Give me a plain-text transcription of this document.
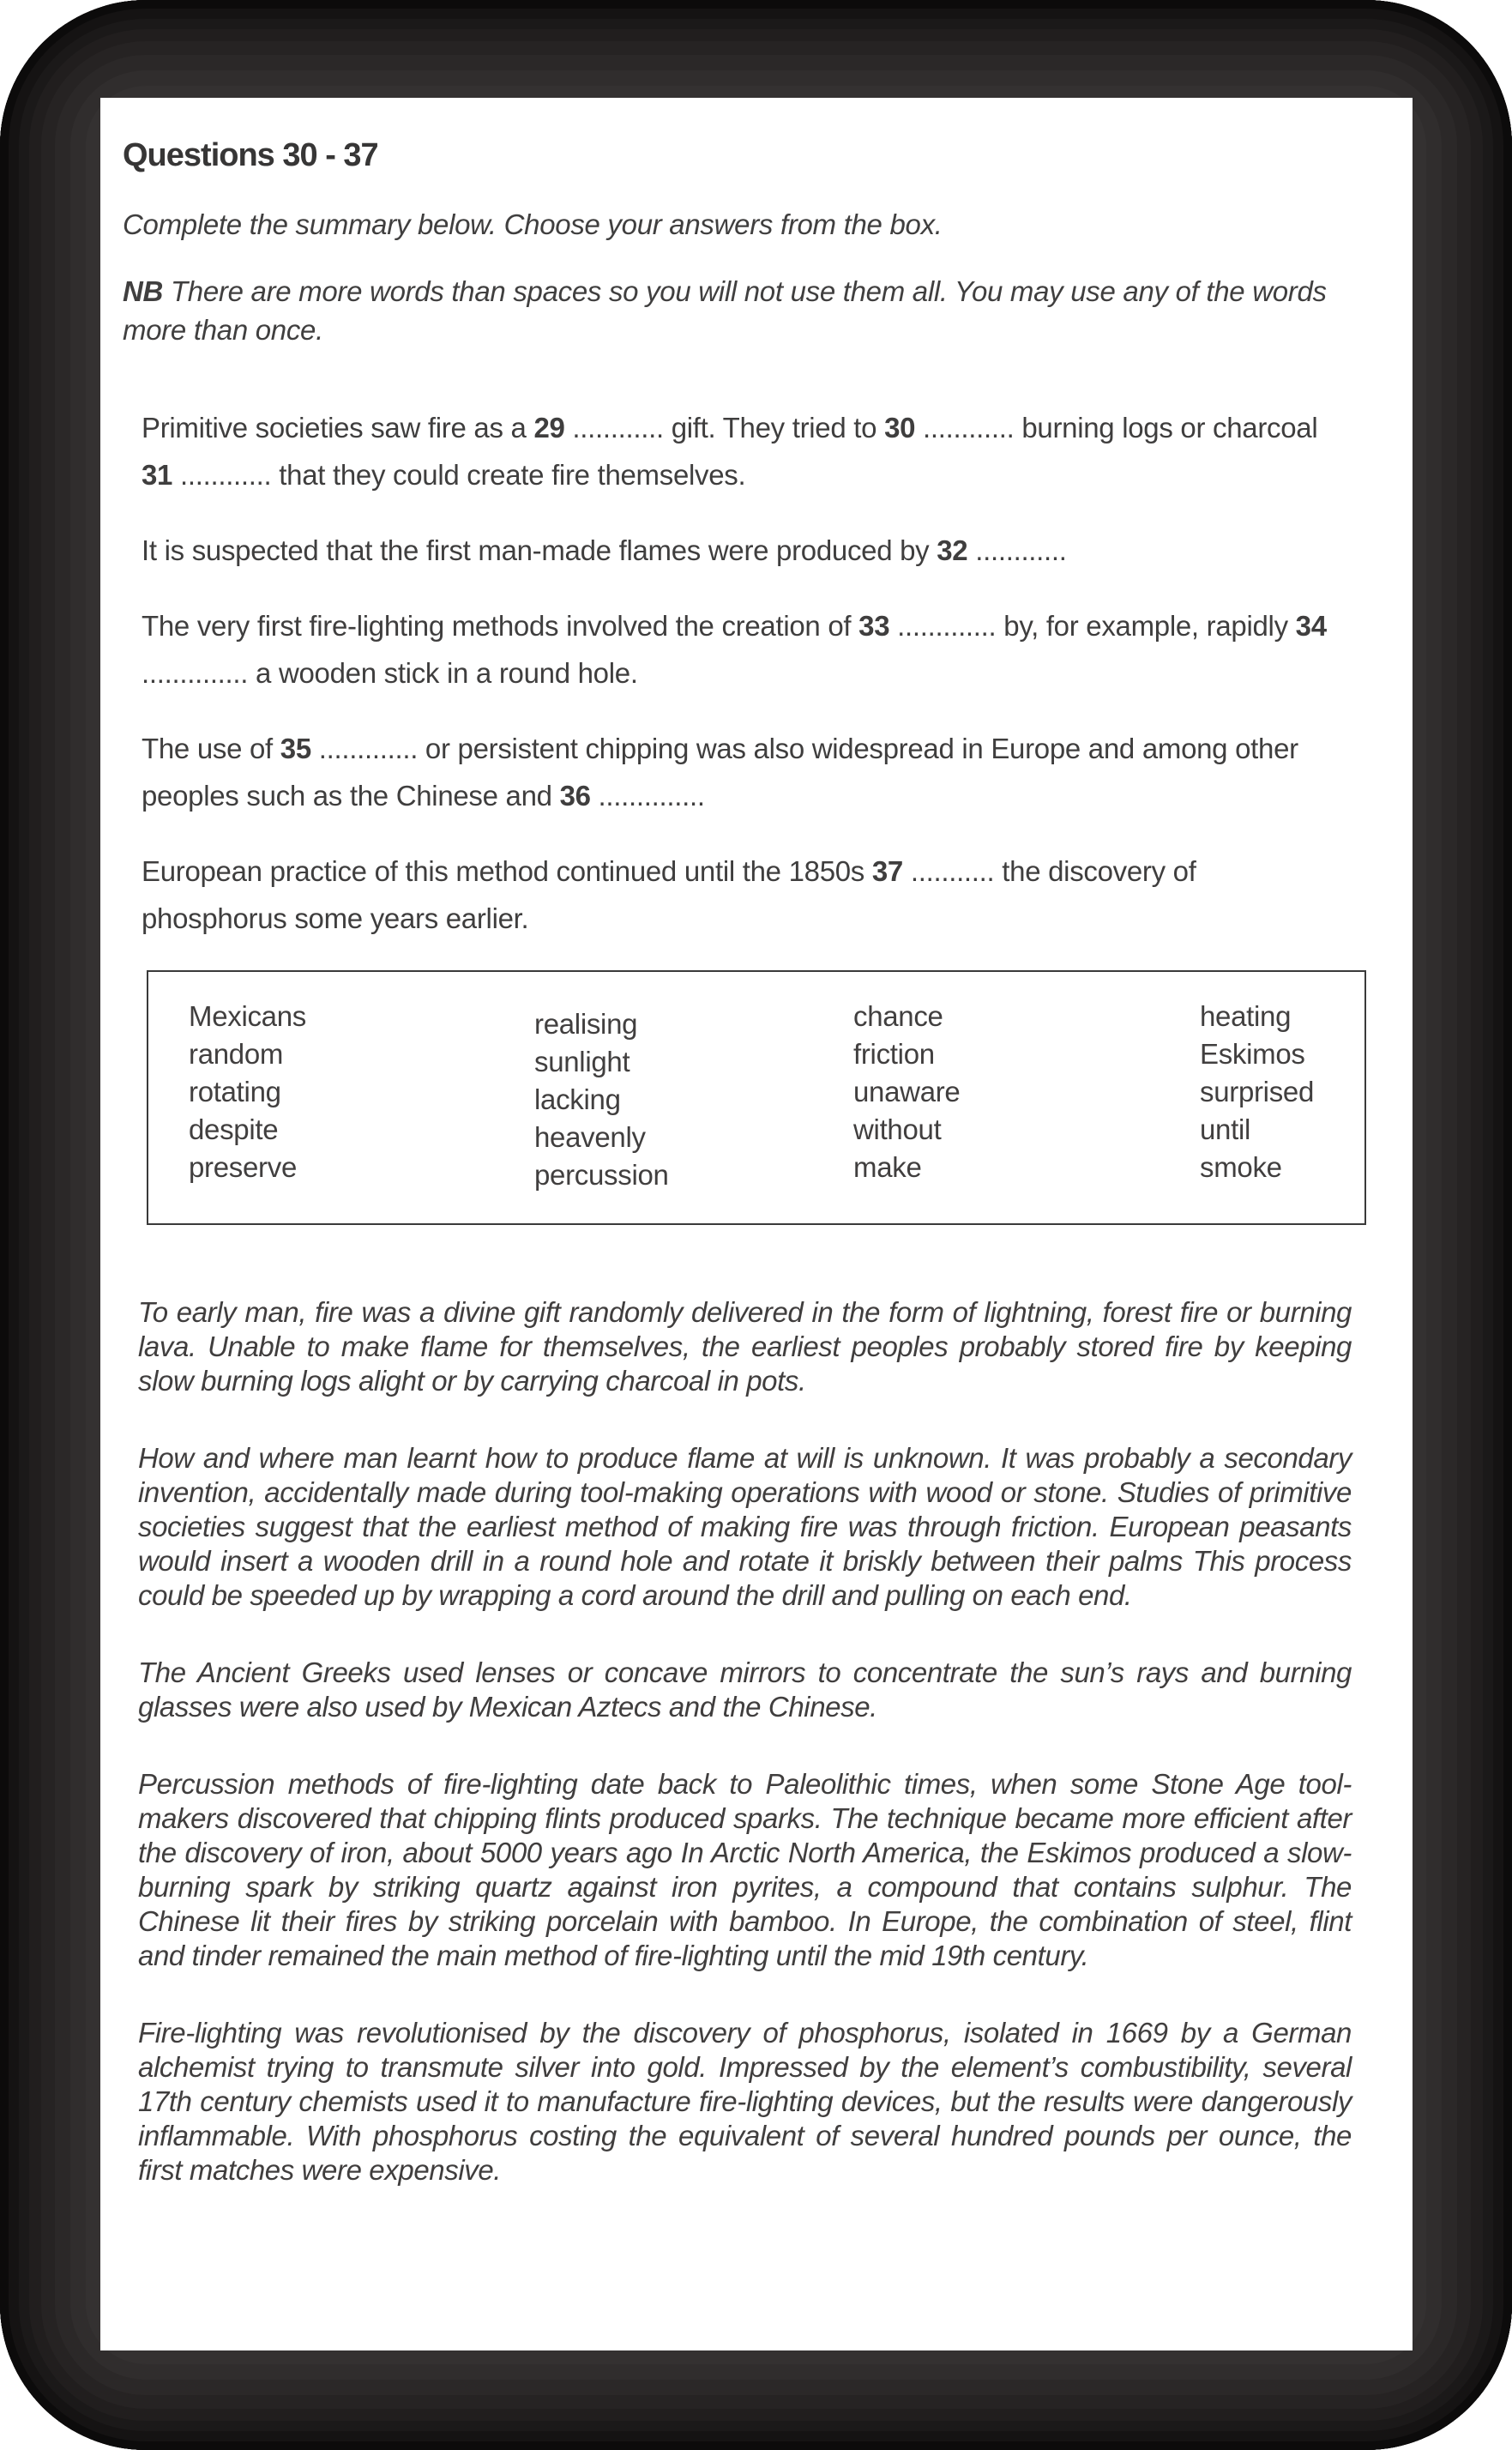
Questions 30 - 37

Complete the summary below. Choose your answers from the box.

NB There are more words than spaces so you will not use them all. You may use any of the words more than once.

Primitive societies saw fire as a 29 ............ gift. They tried to 30 ............ burning logs or charcoal 31 ............ that they could create fire themselves.

It is suspected that the first man-made flames were produced by 32 ............

The very first fire-lighting methods involved the creation of 33 ............. by, for example, rapidly 34 .............. a wooden stick in a round hole.

The use of 35 ............. or persistent chipping was also widespread in Europe and among other peoples such as the Chinese and 36 ..............

European practice of this method continued until the 1850s 37 ........... the discovery of phosphorus some years earlier.

Mexicans
random
rotating
despite
preserve
realising
sunlight
lacking
heavenly
percussion
chance
friction
unaware
without
make
heating
Eskimos
surprised
until
smoke

To early man, fire was a divine gift randomly delivered in the form of lightning, forest fire or burning lava. Unable to make flame for themselves, the earliest peoples probably stored fire by keeping slow burning logs alight or by carrying charcoal in pots.

How and where man learnt how to produce flame at will is unknown. It was probably a secondary invention, accidentally made during tool-making operations with wood or stone. Studies of primitive societies suggest that the earliest method of making fire was through friction. European peasants would insert a wooden drill in a round hole and rotate it briskly between their palms This process could be speeded up by wrapping a cord around the drill and pulling on each end.

The Ancient Greeks used lenses or concave mirrors to concentrate the sun’s rays and burning glasses were also used by Mexican Aztecs and the Chinese.

Percussion methods of fire-lighting date back to Paleolithic times, when some Stone Age tool-makers discovered that chipping flints produced sparks. The technique became more efficient after the discovery of iron, about 5000 years ago In Arctic North America, the Eskimos produced a slow-burning spark by striking quartz against iron pyrites, a compound that contains sulphur. The Chinese lit their fires by striking porcelain with bamboo. In Europe, the combination of steel, flint and tinder remained the main method of fire-lighting until the mid 19th century.

Fire-lighting was revolutionised by the discovery of phosphorus, isolated in 1669 by a German alchemist trying to transmute silver into gold. Impressed by the element’s combustibility, several 17th century chemists used it to manufacture fire-lighting devices, but the results were dangerously inflammable. With phosphorus costing the equivalent of several hundred pounds per ounce, the first matches were expensive.
